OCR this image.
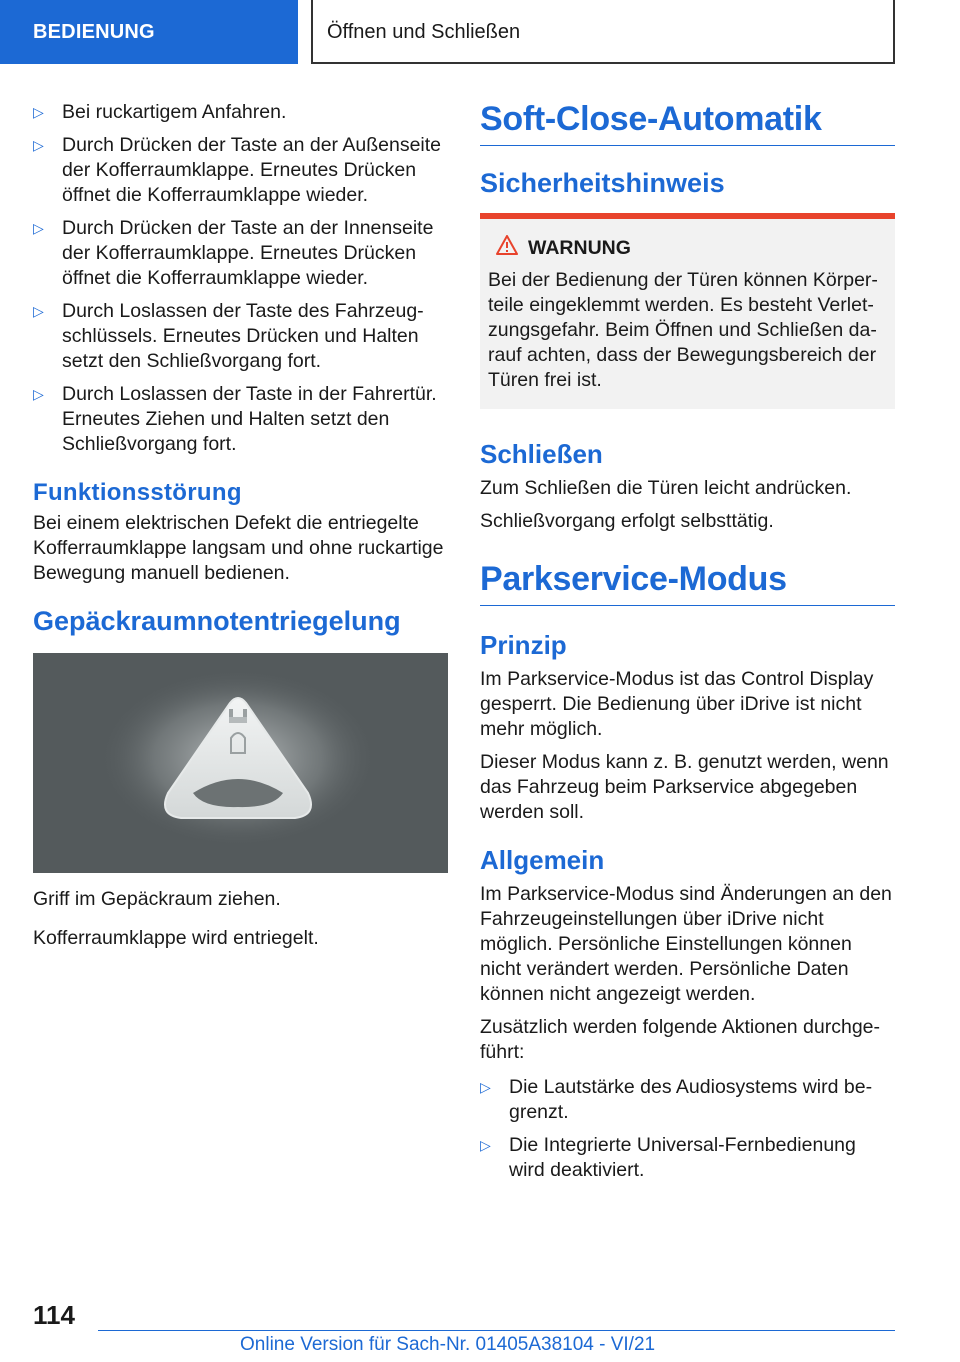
BEDIENUNG	Öffnen und Schließen
▷ Bei ruckartigem Anfahren.
▷ Durch Drücken der Taste an der Außenseite der Kofferraumklappe. Erneutes Drücken öffnet die Kofferraumklappe wieder.
▷ Durch Drücken der Taste an der Innenseite der Kofferraumklappe. Erneutes Drücken öffnet die Kofferraumklappe wieder.
▷ Durch Loslassen der Taste des Fahrzeugschlüssels. Erneutes Drücken und Halten setzt den Schließvorgang fort.
▷ Durch Loslassen der Taste in der Fahrertür. Erneutes Ziehen und Halten setzt den Schließvorgang fort.
Funktionsstörung

Bei einem elektrischen Defekt die entriegelte Kofferraumklappe langsam und ohne ruckartige Bewegung manuell bedienen.

Gepäckraumnotentriegelung

Griff im Gepäckraum ziehen.

Kofferraumklappe wird entriegelt.

Soft-Close-Automatik
Sicherheitshinweis
WARNUNG

Bei der Bedienung der Türen können Körperteile eingeklemmt werden. Es besteht Verletzungsgefahr. Beim Öffnen und Schließen darauf achten, dass der Bewegungsbereich der Türen frei ist.

Schließen

Zum Schließen die Türen leicht andrücken.

Schließvorgang erfolgt selbsttätig.

Parkservice-Modus
Prinzip

Im Parkservice-Modus ist das Control Display gesperrt. Die Bedienung über iDrive ist nicht mehr möglich.

Dieser Modus kann z. B. genutzt werden, wenn das Fahrzeug beim Parkservice abgegeben werden soll.

Allgemein

Im Parkservice-Modus sind Änderungen an den Fahrzeugeinstellungen über iDrive nicht möglich. Persönliche Einstellungen können nicht verändert werden. Persönliche Daten können nicht angezeigt werden.

Zusätzlich werden folgende Aktionen durchgeführt:

▷ Die Lautstärke des Audiosystems wird begrenzt.
▷ Die Integrierte Universal-Fernbedienung wird deaktiviert.
114
Online Version für Sach-Nr. 01405A38104 - VI/21
